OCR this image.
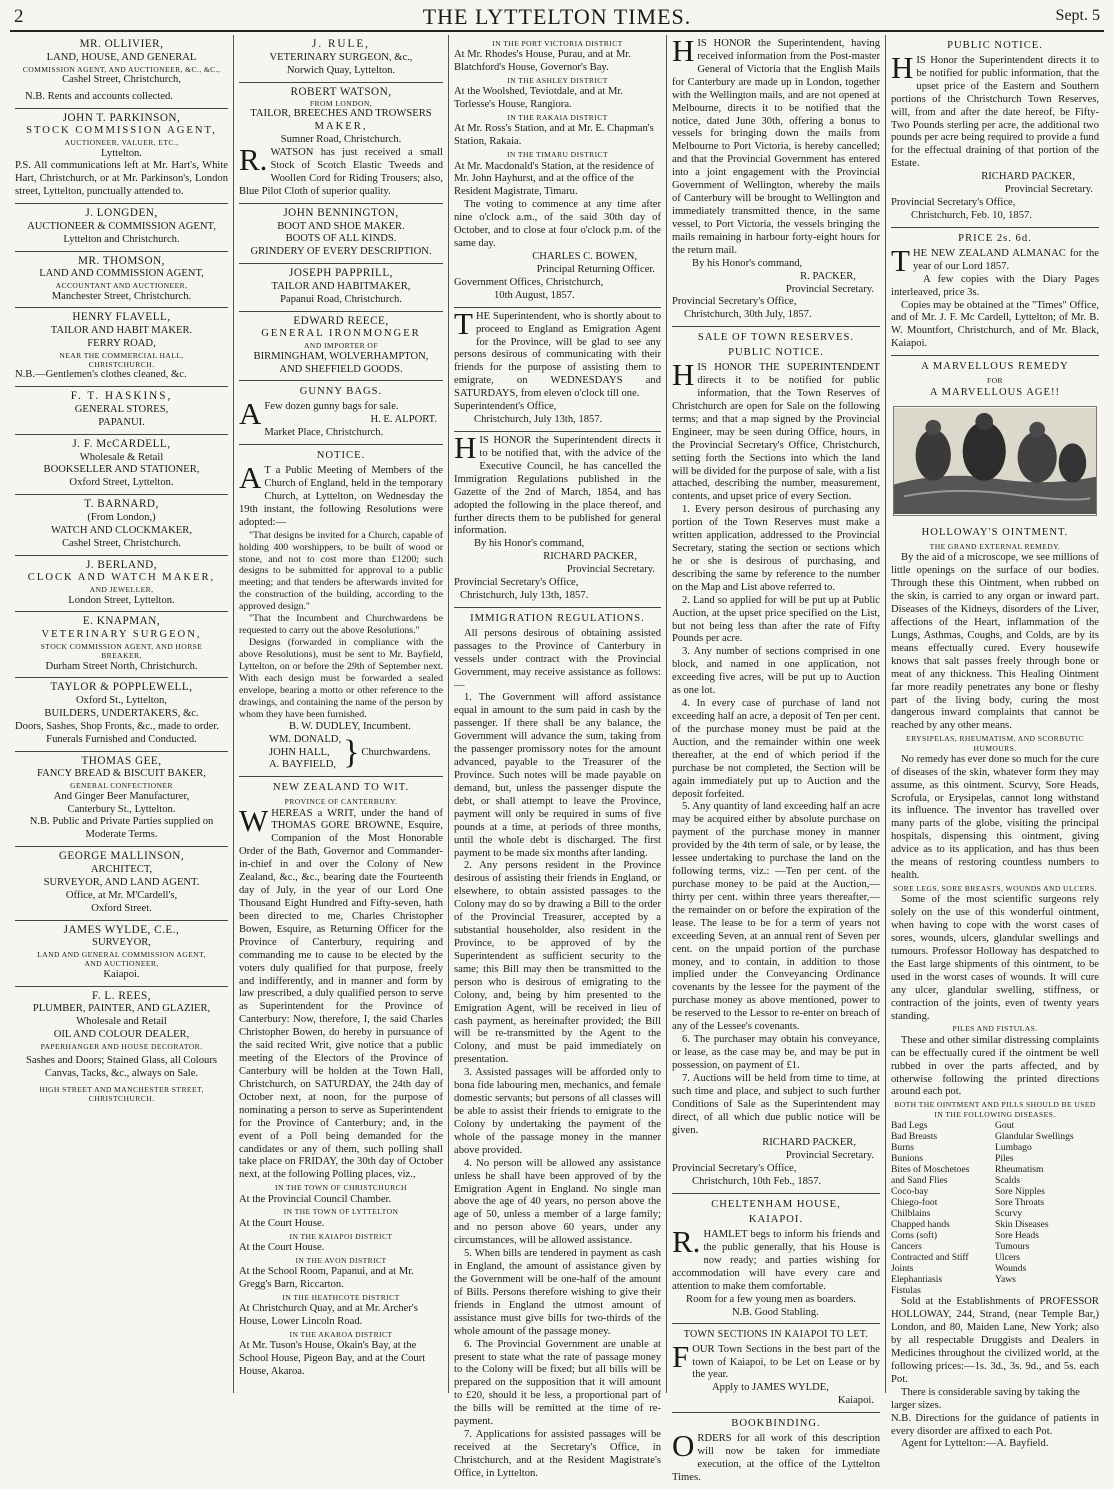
2	THE LYTTELTON TIMES.	Sept. 5
MR. OLLIVIER,
LAND, HOUSE, AND GENERAL
COMMISSION AGENT, AND AUCTIONEER, &C., &C.,
Cashel Street, Christchurch,
N.B. Rents and accounts collected.
JOHN T. PARKINSON,
STOCK COMMISSION AGENT,
AUCTIONEER, VALUER, ETC.,
Lyttelton.

P.S. All communications left at Mr. Hart's, White Hart, Christchurch, or at Mr. Parkinson's, London street, Lyttelton, punctually attended to.

J. LONGDEN,
AUCTIONEER & COMMISSION AGENT,
Lyttelton and Christchurch.
MR. THOMSON,
LAND AND COMMISSION AGENT,
ACCOUNTANT AND AUCTIONEER,
Manchester Street, Christchurch.
HENRY FLAVELL,
TAILOR AND HABIT MAKER.
FERRY ROAD,
NEAR THE COMMERCIAL HALL,
CHRISTCHURCH.
N.B.—Gentlemen's clothes cleaned, &c.
F. T. HASKINS,
GENERAL STORES,
PAPANUI.
J. F. McCARDELL,
Wholesale & Retail
BOOKSELLER AND STATIONER,
Oxford Street, Lyttelton.
T. BARNARD,
(From London,)
WATCH AND CLOCKMAKER,
Cashel Street, Christchurch.
J. BERLAND,
CLOCK AND WATCH MAKER,
AND JEWELLER,
London Street, Lyttelton.
E. KNAPMAN,
VETERINARY SURGEON,
STOCK COMMISSION AGENT, AND HORSE
BREAKER,
Durham Street North, Christchurch.
TAYLOR & POPPLEWELL,
Oxford St., Lyttelton,
BUILDERS, UNDERTAKERS, &c.
Doors, Sashes, Shop Fronts, &c., made to order.
Funerals Furnished and Conducted.
THOMAS GEE,
FANCY BREAD & BISCUIT BAKER,
GENERAL CONFECTIONER
And Ginger Beer Manufacturer,
Canterbury St., Lyttelton.
N.B. Public and Private Parties supplied on Moderate Terms.
GEORGE MALLINSON,
ARCHITECT,
SURVEYOR, AND LAND AGENT.
Office, at Mr. M'Cardell's,
Oxford Street.
JAMES WYLDE, C.E.,
SURVEYOR,
LAND AND GENERAL COMMISSION AGENT,
AND AUCTIONEER,
Kaiapoi.
F. L. REES,
PLUMBER, PAINTER, AND GLAZIER,
Wholesale and Retail
OIL AND COLOUR DEALER,
PAPERHANGER AND HOUSE DECORATOR.
Sashes and Doors; Stained Glass, all Colours Canvas, Tacks, &c., always on Sale.
HIGH STREET AND MANCHESTER STREET,
CHRISTCHURCH.
J. RULE,
VETERINARY SURGEON, &c.,
Norwich Quay, Lyttelton.
ROBERT WATSON,
FROM LONDON,
TAILOR, BREECHES AND TROWSERS
MAKER,
Sumner Road, Christchurch.

R.WATSON has just received a small Stock of Scotch Elastic Tweeds and Woollen Cord for Riding Trousers; also, Blue Pilot Cloth of superior quality.

JOHN BENNINGTON,
BOOT AND SHOE MAKER.
BOOTS OF ALL KINDS.
GRINDERY OF EVERY DESCRIPTION.
JOSEPH PAPPRILL,
TAILOR AND HABITMAKER,
Papanui Road, Christchurch.
EDWARD REECE,
GENERAL IRONMONGER
AND IMPORTER OF
BIRMINGHAM, WOLVERHAMPTON,
AND SHEFFIELD GOODS.
GUNNY BAGS.

AFew dozen gunny bags for sale.

H. E. ALPORT.
Market Place, Christchurch.
NOTICE.

AT a Public Meeting of Members of the Church of England, held in the temporary Church, at Lyttelton, on Wednesday the 19th instant, the following Resolutions were adopted:—

"That designs be invited for a Church, capable of holding 400 worshippers, to be built of wood or stone, and not to cost more than £1200; such designs to be submitted for approval to a public meeting; and that tenders be afterwards invited for the construction of the building, according to the approved design."

"That the Incumbent and Churchwardens be requested to carry out the above Resolutions."

Designs (forwarded in compliance with the above Resolutions), must be sent to Mr. Bayfield, Lyttelton, on or before the 29th of September next. With each design must be forwarded a sealed envelope, bearing a motto or other reference to the drawings, and containing the name of the person by whom they have been furnished.

B. W. DUDLEY, Incumbent.
WM. DONALD,
JOHN HALL,
A. BAYFIELD, } Churchwardens.
NEW ZEALAND TO WIT.
PROVINCE OF CANTERBURY.

WHEREAS a WRIT, under the hand of THOMAS GORE BROWNE, Esquire, Companion of the Most Honorable Order of the Bath, Governor and Commander-in-chief in and over the Colony of New Zealand, &c., &c., bearing date the Fourteenth day of July, in the year of our Lord One Thousand Eight Hundred and Fifty-seven, hath been directed to me, Charles Christopher Bowen, Esquire, as Returning Officer for the Province of Canterbury, requiring and commanding me to cause to be elected by the voters duly qualified for that purpose, freely and indifferently, and in manner and form by law prescribed, a duly qualified person to serve as Superintendent for the Province of Canterbury: Now, therefore, I, the said Charles Christopher Bowen, do hereby in pursuance of the said recited Writ, give notice that a public meeting of the Electors of the Province of Canterbury will be holden at the Town Hall, Christchurch, on SATURDAY, the 24th day of October next, at noon, for the purpose of nominating a person to serve as Superintendent for the Province of Canterbury; and, in the event of a Poll being demanded for the candidates or any of them, such polling shall take place on FRIDAY, the 30th day of October next, at the following Polling places, viz.,

IN THE TOWN OF CHRISTCHURCH
At the Provincial Council Chamber.
IN THE TOWN OF LYTTELTON
At the Court House.
IN THE KAIAPOI DISTRICT
At the Court House.
IN THE AVON DISTRICT
At the School Room, Papanui, and at Mr. Gregg's Barn, Riccarton.
IN THE HEATHCOTE DISTRICT
At Christchurch Quay, and at Mr. Archer's House, Lower Lincoln Road.
IN THE AKAROA DISTRICT
At Mr. Tuson's House, Okain's Bay, at the School House, Pigeon Bay, and at the Court House, Akaroa.
IN THE PORT VICTORIA DISTRICT
At Mr. Rhodes's House, Purau, and at Mr. Blatchford's House, Governor's Bay.
IN THE ASHLEY DISTRICT
At the Woolshed, Teviotdale, and at Mr. Torlesse's House, Rangiora.
IN THE RAKAIA DISTRICT
At Mr. Ross's Station, and at Mr. E. Chapman's Station, Rakaia.
IN THE TIMARU DISTRICT
At Mr. Macdonald's Station, at the residence of Mr. John Hayhurst, and at the office of the Resident Magistrate, Timaru.

The voting to commence at any time after nine o'clock a.m., of the said 30th day of October, and to close at four o'clock p.m. of the same day.

CHARLES C. BOWEN,
Principal Returning Officer.
Government Offices, Christchurch,
10th August, 1857.

THE Superintendent, who is shortly about to proceed to England as Emigration Agent for the Province, will be glad to see any persons desirous of communicating with their friends for the purpose of assisting them to emigrate, on WEDNESDAYS and SATURDAYS, from eleven o'clock till one.

Superintendent's Office,
Christchurch, July 13th, 1857.

HIS HONOR the Superintendent directs it to be notified that, with the advice of the Executive Council, he has cancelled the Immigration Regulations published in the Gazette of the 2nd of March, 1854, and has adopted the following in the place thereof, and further directs them to be published for general information.

By his Honor's command,
RICHARD PACKER,
Provincial Secretary.
Provincial Secretary's Office,
Christchurch, July 13th, 1857.
IMMIGRATION REGULATIONS.

All persons desirous of obtaining assisted passages to the Province of Canterbury in vessels under contract with the Provincial Government, may receive assistance as follows:—

1. The Government will afford assistance equal in amount to the sum paid in cash by the passenger. If there shall be any balance, the Government will advance the sum, taking from the passenger promissory notes for the amount advanced, payable to the Treasurer of the Province. Such notes will be made payable on demand, but, unless the passenger dispute the debt, or shall attempt to leave the Province, payment will only be required in sums of five pounds at a time, at periods of three months, until the whole debt is discharged. The first payment to be made six months after landing.

2. Any persons resident in the Province desirous of assisting their friends in England, or elsewhere, to obtain assisted passages to the Colony may do so by drawing a Bill to the order of the Provincial Treasurer, accepted by a substantial householder, also resident in the Province, to be approved of by the Superintendent as sufficient security to the same; this Bill may then be transmitted to the person who is desirous of emigrating to the Colony, and, being by him presented to the Emigration Agent, will be received in lieu of cash payment, as hereinafter provided; the Bill will be re-transmitted by the Agent to the Colony, and must be paid immediately on presentation.

3. Assisted passages will be afforded only to bona fide labouring men, mechanics, and female domestic servants; but persons of all classes will be able to assist their friends to emigrate to the Colony by undertaking the payment of the whole of the passage money in the manner above provided.

4. No person will be allowed any assistance unless he shall have been approved of by the Emigration Agent in England. No single man above the age of 40 years, no person above the age of 50, unless a member of a large family; and no person above 60 years, under any circumstances, will be allowed assistance.

5. When bills are tendered in payment as cash in England, the amount of assistance given by the Government will be one-half of the amount of Bills. Persons therefore wishing to give their friends in England the utmost amount of assistance must give bills for two-thirds of the whole amount of the passage money.

6. The Provincial Government are unable at present to state what the rate of passage money to the Colony will be fixed; but all bills will be prepared on the supposition that it will amount to £20, should it be less, a proportional part of the bills will be remitted at the time of re-payment.

7. Applications for assisted passages will be received at the Secretary's Office, in Christchurch, and at the Resident Magistrate's Office, in Lyttelton.

HIS HONOR the Superintendent, having received information from the Post-master General of Victoria that the English Mails for Canterbury are made up in London, together with the Wellington mails, and are not opened at Melbourne, directs it to be notified that the notice, dated June 30th, offering a bonus to vessels for bringing down the mails from Melbourne to Port Victoria, is hereby cancelled; and that the Provincial Government has entered into a joint engagement with the Provincial Government of Wellington, whereby the mails of Canterbury will be brought to Wellington and immediately transmitted thence, in the same vessel, to Port Victoria, the vessels bringing the mails remaining in harbour forty-eight hours for the return mail.

By his Honor's command,
R. PACKER,
Provincial Secretary.
Provincial Secretary's Office,
Christchurch, 30th July, 1857.
SALE OF TOWN RESERVES.
PUBLIC NOTICE.

HIS HONOR THE SUPERINTENDENT directs it to be notified for public information, that the Town Reserves of Christchurch are open for Sale on the following terms; and that a map signed by the Provincial Engineer, may be seen during Office, hours, in the Provincial Secretary's Office, Christchurch, setting forth the Sections into which the land will be divided for the purpose of sale, with a list attached, describing the number, measurement, contents, and upset price of every Section.

1. Every person desirous of purchasing any portion of the Town Reserves must make a written application, addressed to the Provincial Secretary, stating the section or sections which he or she is desirous of purchasing, and describing the same by reference to the number on the Map and List above referred to.

2. Land so applied for will be put up at Public Auction, at the upset price specified on the List, but not being less than after the rate of Fifty Pounds per acre.

3. Any number of sections comprised in one block, and named in one application, not exceeding five acres, will be put up to Auction as one lot.

4. In every case of purchase of land not exceeding half an acre, a deposit of Ten per cent. of the purchase money must be paid at the Auction, and the remainder within one week thereafter, at the end of which period if the purchase be not completed, the Section will be again immediately put up to Auction and the deposit forfeited.

5. Any quantity of land exceeding half an acre may be acquired either by absolute purchase on payment of the purchase money in manner provided by the 4th term of sale, or by lease, the lessee undertaking to purchase the land on the following terms, viz.: —Ten per cent. of the purchase money to be paid at the Auction,—thirty per cent. within three years thereafter,—the remainder on or before the expiration of the lease. The lease to be for a term of years not exceeding Seven, at an annual rent of Seven per cent. on the unpaid portion of the purchase money, and to contain, in addition to those implied under the Conveyancing Ordinance covenants by the lessee for the payment of the purchase money as above mentioned, power to be reserved to the Lessor to re-enter on breach of any of the Lessee's covenants.

6. The purchaser may obtain his conveyance, or lease, as the case may be, and may be put in possession, on payment of £1.

7. Auctions will be held from time to time, at such time and place, and subject to such further Conditions of Sale as the Superintendent may direct, of all which due public notice will be given.

RICHARD PACKER,
Provincial Secretary.
Provincial Secretary's Office,
Christchurch, 10th Feb., 1857.
CHELTENHAM HOUSE,
KAIAPOI.

R.HAMLET begs to inform his friends and the public generally, that his House is now ready; and parties wishing for accommodation will have every care and attention to make them comfortable.

Room for a few young men as boarders.
N.B. Good Stabling.
TOWN SECTIONS IN KAIAPOI TO LET.

FOUR Town Sections in the best part of the town of Kaiapoi, to be Let on Lease or by the year.

Apply to JAMES WYLDE,
Kaiapoi.
BOOKBINDING.

ORDERS for all work of this description will now be taken for immediate execution, at the office of the Lyttelton Times.

PUBLIC NOTICE.

HIS Honor the Superintendent directs it to be notified for public information, that the upset price of the Eastern and Southern portions of the Christchurch Town Reserves, will, from and after the date hereof, be Fifty-Two Pounds sterling per acre, the additional two pounds per acre being required to provide a fund for the effectual draining of that portion of the Estate.

RICHARD PACKER,
Provincial Secretary.
Provincial Secretary's Office,
Christchurch, Feb. 10, 1857.
PRICE 2s. 6d.

THE NEW ZEALAND ALMANAC for the year of our Lord 1857.

A few copies with the Diary Pages interleaved, price 3s.

Copies may be obtained at the "Times" Office, and of Mr. J. F. Mc Cardell, Lyttelton; of Mr. B. W. Mountfort, Christchurch, and of Mr. Black, Kaiapoi.

A MARVELLOUS REMEDY
FOR
A MARVELLOUS AGE!!
HOLLOWAY'S OINTMENT.
THE GRAND EXTERNAL REMEDY.

By the aid of a microscope, we see millions of little openings on the surface of our bodies. Through these this Ointment, when rubbed on the skin, is carried to any organ or inward part. Diseases of the Kidneys, disorders of the Liver, affections of the Heart, inflammation of the Lungs, Asthmas, Coughs, and Colds, are by its means effectually cured. Every housewife knows that salt passes freely through bone or meat of any thickness. This Healing Ointment far more readily penetrates any bone or fleshy part of the living body, curing the most dangerous inward complaints that cannot be reached by any other means.

ERYSIPELAS, RHEUMATISM, AND SCORBUTIC HUMOURS.

No remedy has ever done so much for the cure of diseases of the skin, whatever form they may assume, as this ointment. Scurvy, Sore Heads, Scrofula, or Erysipelas, cannot long withstand its influence. The inventor has travelled over many parts of the globe, visiting the principal hospitals, dispensing this ointment, giving advice as to its application, and has thus been the means of restoring countless numbers to health.

SORE LEGS, SORE BREASTS, WOUNDS AND ULCERS.

Some of the most scientific surgeons rely solely on the use of this wonderful ointment, when having to cope with the worst cases of sores, wounds, ulcers, glandular swellings and tumours. Professor Holloway has despatched to the East large shipments of this ointment, to be used in the worst cases of wounds. It will cure any ulcer, glandular swelling, stiffness, or contraction of the joints, even of twenty years standing.

PILES AND FISTULAS.

These and other similar distressing complaints can be effectually cured if the ointment be well rubbed in over the parts affected, and by otherwise following the printed directions around each pot.

BOTH THE OINTMENT AND PILLS SHOULD BE USED IN THE FOLLOWING DISEASES.
Bad Legs
Bad Breasts
Burns
Bunions
Bites of Moschetoes
and Sand Flies
Coco-bay
Chiego-foot
Chilblains
Chapped hands
Corns (soft)
Cancers
Contracted and Stiff
Joints
Elephantiasis
Fistulas
Gout
Glandular Swellings
Lumbago
Piles
Rheumatism
Scalds
Sore Nipples
Sore Throats
Scurvy
Skin Diseases
Sore Heads
Tumours
Ulcers
Wounds
Yaws

Sold at the Establishments of PROFESSOR HOLLOWAY, 244, Strand, (near Temple Bar,) London, and 80, Maiden Lane, New York; also by all respectable Druggists and Dealers in Medicines throughout the civilized world, at the following prices:—1s. 3d., 3s. 9d., and 5s. each Pot.

There is considerable saving by taking the larger sizes.

N.B. Directions for the guidance of patients in every disorder are affixed to each Pot.

Agent for Lyttelton:—A. Bayfield.
